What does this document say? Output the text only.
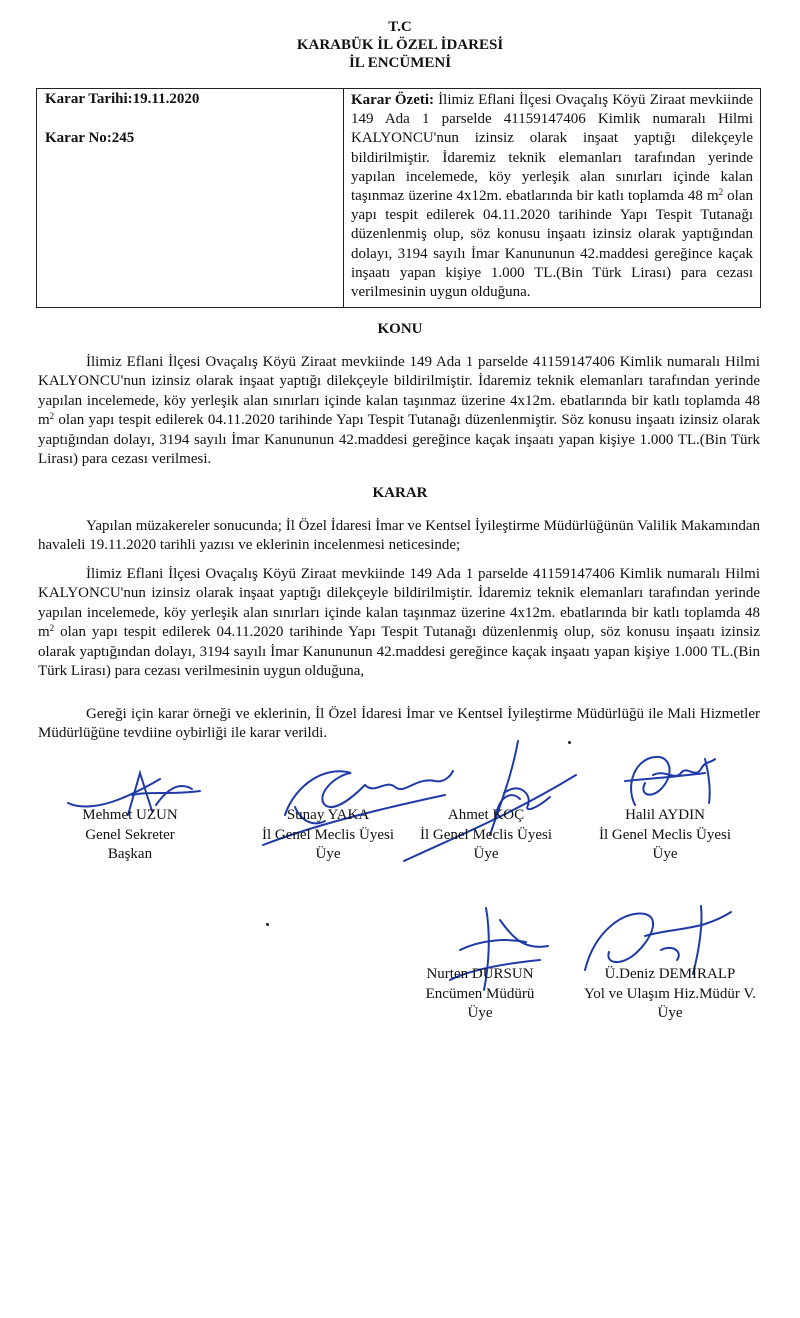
T.C
KARABÜK İL ÖZEL İDARESİ
İL ENCÜMENİ
Karar Tarihi:19.11.2020
Karar No:245
Karar Özeti: İlimiz Eflani İlçesi Ovaçalış Köyü Ziraat mevkiinde 149 Ada 1 parselde 41159147406 Kimlik numaralı Hilmi KALYONCU'nun izinsiz olarak inşaat yaptığı dilekçeyle bildirilmiştir. İdaremiz teknik elemanları tarafından yerinde yapılan incelemede, köy yerleşik alan sınırları içinde kalan taşınmaz üzerine 4x12m. ebatlarında bir katlı toplamda 48 $m^2$ olan yapı tespit edilerek 04.11.2020 tarihinde Yapı Tespit Tutanağı düzenlenmiş olup, söz konusu inşaatı izinsiz olarak yaptığından dolayı, 3194 sayılı İmar Kanununun 42.maddesi gereğince kaçak inşaatı yapan kişiye 1.000 TL.(Bin Türk Lirası) para cezası verilmesinin uygun olduğuna.
KONU
İlimiz Eflani İlçesi Ovaçalış Köyü Ziraat mevkiinde 149 Ada 1 parselde 41159147406 Kimlik numaralı Hilmi KALYONCU'nun izinsiz olarak inşaat yaptığı dilekçeyle bildirilmiştir. İdaremiz teknik elemanları tarafından yerinde yapılan incelemede, köy yerleşik alan sınırları içinde kalan taşınmaz üzerine 4x12m. ebatlarında bir katlı toplamda 48 $m^2$ olan yapı tespit edilerek 04.11.2020 tarihinde Yapı Tespit Tutanağı düzenlenmiştir. Söz konusu inşaatı izinsiz olarak yaptığından dolayı, 3194 sayılı İmar Kanununun 42.maddesi gereğince kaçak inşaatı yapan kişiye 1.000 TL.(Bin Türk Lirası) para cezası verilmesi.
KARAR
Yapılan müzakereler sonucunda; İl Özel İdaresi İmar ve Kentsel İyileştirme Müdürlüğünün Valilik Makamından havaleli 19.11.2020 tarihli yazısı ve eklerinin incelenmesi neticesinde;
İlimiz Eflani İlçesi Ovaçalış Köyü Ziraat mevkiinde 149 Ada 1 parselde 41159147406 Kimlik numaralı Hilmi KALYONCU'nun izinsiz olarak inşaat yaptığı dilekçeyle bildirilmiştir. İdaremiz teknik elemanları tarafından yerinde yapılan incelemede, köy yerleşik alan sınırları içinde kalan taşınmaz üzerine 4x12m. ebatlarında bir katlı toplamda 48 $m^2$ olan yapı tespit edilerek 04.11.2020 tarihinde Yapı Tespit Tutanağı düzenlenmiş olup, söz konusu inşaatı izinsiz olarak yaptığından dolayı, 3194 sayılı İmar Kanununun 42.maddesi gereğince kaçak inşaatı yapan kişiye 1.000 TL.(Bin Türk Lirası) para cezası verilmesinin uygun olduğuna,
Gereği için karar örneği ve eklerinin, İl Özel İdaresi İmar ve Kentsel İyileştirme Müdürlüğü ile Mali Hizmetler Müdürlüğüne tevdiine oybirliği ile karar verildi.
Mehmet UZUN
Genel Sekreter
Başkan
Sunay YAKA
İl Genel Meclis Üyesi
Üye
Ahmet KOÇ
İl Genel Meclis Üyesi
Üye
Halil AYDIN
İl Genel Meclis Üyesi
Üye
Nurten DURSUN
Encümen Müdürü
Üye
Ü.Deniz DEMİRALP
Yol ve Ulaşım Hiz.Müdür V.
Üye
